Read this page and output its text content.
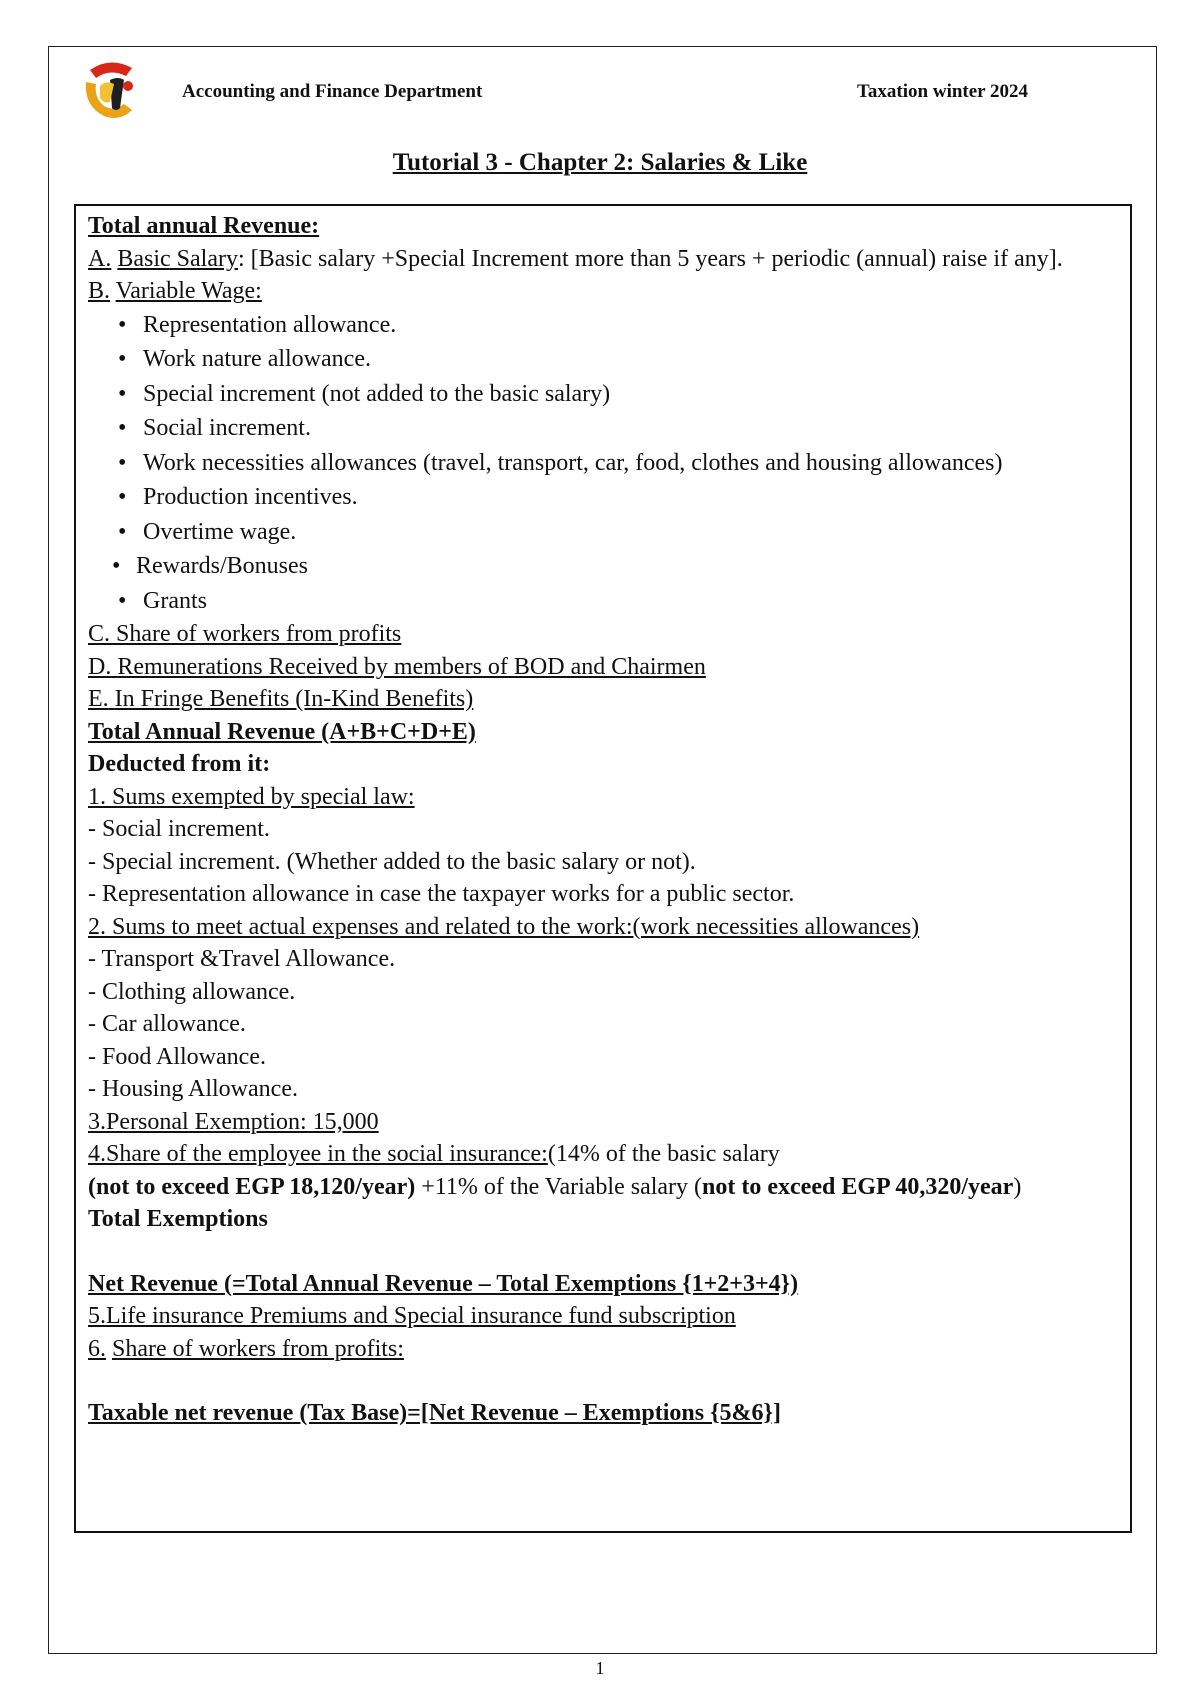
Accounting and Finance Department	Taxation winter 2024
Tutorial 3 - Chapter 2: Salaries & Like
Total annual Revenue:
A. Basic Salary: [Basic salary +Special Increment more than 5 years + periodic (annual) raise if any].
B. Variable Wage:
• Representation allowance.
• Work nature allowance.
• Special increment (not added to the basic salary)
• Social increment.
• Work necessities allowances (travel, transport, car, food, clothes and housing allowances)
• Production incentives.
• Overtime wage.
• Rewards/Bonuses
• Grants
C. Share of workers from profits
D. Remunerations Received by members of BOD and Chairmen
E. In Fringe Benefits (In-Kind Benefits)
Total Annual Revenue (A+B+C+D+E)
Deducted from it:
1. Sums exempted by special law:
- Social increment.
- Special increment. (Whether added to the basic salary or not).
- Representation allowance in case the taxpayer works for a public sector.
2. Sums to meet actual expenses and related to the work:(work necessities allowances)
- Transport &Travel Allowance.
- Clothing allowance.
- Car allowance.
- Food Allowance.
- Housing Allowance.
3.Personal Exemption: 15,000
4.Share of the employee in the social insurance:(14% of the basic salary
(not to exceed EGP 18,120/year) +11% of the Variable salary (not to exceed EGP 40,320/year)
Total Exemptions
Net Revenue (=Total Annual Revenue – Total Exemptions {1+2+3+4})
5.Life insurance Premiums and Special insurance fund subscription
6. Share of workers from profits:
Taxable net revenue (Tax Base)=[Net Revenue – Exemptions {5&6}]
1
